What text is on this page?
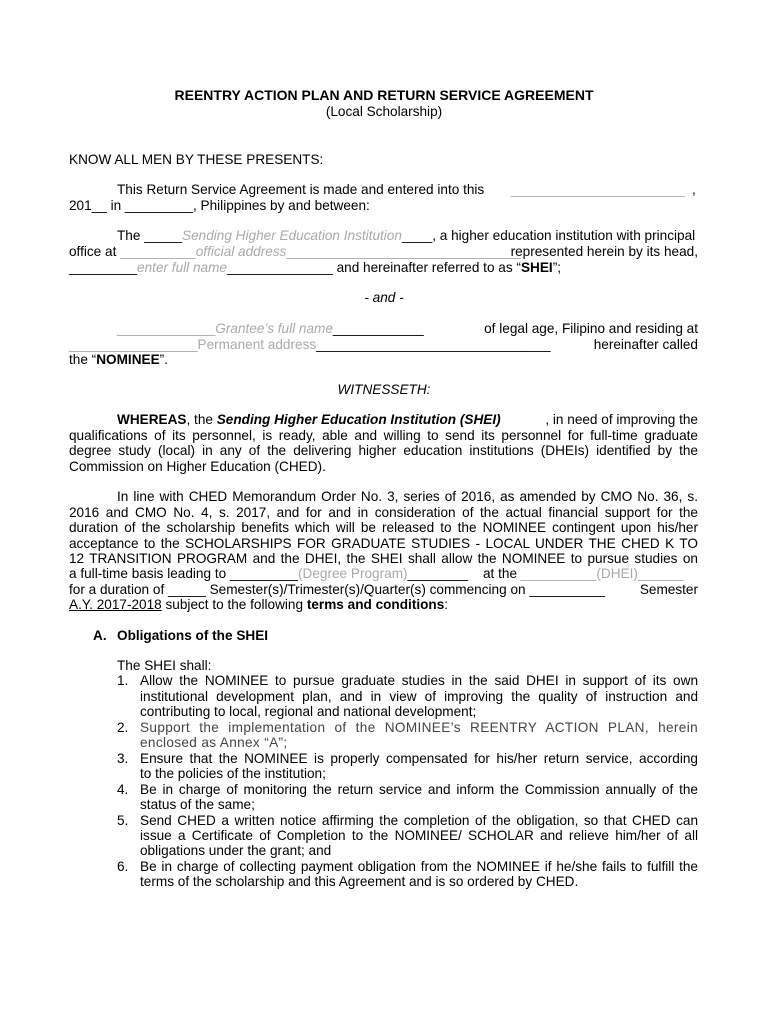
REENTRY ACTION PLAN AND RETURN SERVICE AGREEMENT
(Local Scholarship)
KNOW ALL MEN BY THESE PRESENTS:
This Return Service Agreement is made and entered into this _______________________ ,
201__ in _________, Philippines by and between:
The _____Sending Higher Education Institution____, a higher education institution with principal
office at __________official address_______________________________
represented herein by its head,
_________enter full name______________ and hereinafter referred to as “SHEI”;
- and -
_____________Grantee’s full name____________	of legal age, Filipino and residing at
_________________Permanent address_______________________________	hereinafter called
the “NOMINEE”.
WITNESSETH:
WHEREAS, the Sending Higher Education Institution (SHEI)	, in need of improving the
qualifications of its personnel, is ready, able and willing to send its personnel for full-time graduate
degree study (local) in any of the delivering higher education institutions (DHEIs) identified by the
Commission on Higher Education (CHED).
In line with CHED Memorandum Order No. 3, series of 2016, as amended by CMO No. 36, s.
2016 and CMO No. 4, s. 2017, and for and in consideration of the actual financial support for the
duration of the scholarship benefits which will be released to the NOMINEE contingent upon his/her
acceptance to the SCHOLARSHIPS FOR GRADUATE STUDIES - LOCAL UNDER THE CHED K TO
12 TRANSITION PROGRAM and the DHEI, the SHEI shall allow the NOMINEE to pursue studies on
a full-time basis leading to _________(Degree Program)________ at the __________(DHEI)______
for a duration of _____ Semester(s)/Trimester(s)/Quarter(s) commencing on __________	Semester
A.Y. 2017-2018 subject to the following terms and conditions:
A. Obligations of the SHEI
The SHEI shall:
1. Allow the NOMINEE to pursue graduate studies in the said DHEI in support of its own
institutional development plan, and in view of improving the quality of instruction and
contributing to local, regional and national development;
2. Support the implementation of the NOMINEE’s REENTRY ACTION PLAN, herein
enclosed as Annex “A”;
3. Ensure that the NOMINEE is properly compensated for his/her return service, according
to the policies of the institution;
4. Be in charge of monitoring the return service and inform the Commission annually of the
status of the same;
5. Send CHED a written notice affirming the completion of the obligation, so that CHED can
issue a Certificate of Completion to the NOMINEE/ SCHOLAR and relieve him/her of all
obligations under the grant; and
6. Be in charge of collecting payment obligation from the NOMINEE if he/she fails to fulfill the
terms of the scholarship and this Agreement and is so ordered by CHED.
